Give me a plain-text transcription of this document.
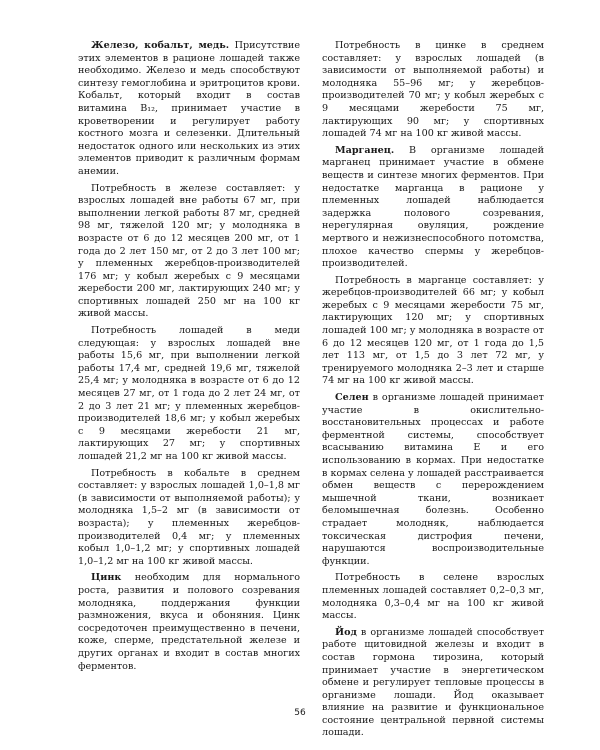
Железо, кобальт, медь. Присутствие этих элементов в рационе лошадей также необходимо. Железо и медь способствуют синтезу гемоглобина и эритроцитов крови. Кобальт, который входит в состав витамина B₁₂, принимает участие в кроветворении и регулирует работу костного мозга и селезенки. Длительный недостаток одного или нескольких из этих элементов приводит к различным формам анемии.

Потребность в железе составляет: у взрослых лошадей вне работы 67 мг, при выполнении легкой работы 87 мг, средней 98 мг, тяжелой 120 мг; у молодняка в возрасте от 6 до 12 месяцев 200 мг, от 1 года до 2 лет 150 мг, от 2 до 3 лет 100 мг; у племенных жеребцов-производителей 176 мг; у кобыл жеребых с 9 месяцами жеребости 200 мг, лактирующих 240 мг; у спортивных лошадей 250 мг на 100 кг живой массы.

Потребность лошадей в меди следующая: у взрослых лошадей вне работы 15,6 мг, при выполнении легкой работы 17,4 мг, средней 19,6 мг, тяжелой 25,4 мг; у молодняка в возрасте от 6 до 12 месяцев 27 мг, от 1 года до 2 лет 24 мг, от 2 до 3 лет 21 мг; у племенных жеребцов-производителей 18,6 мг; у кобыл жеребых с 9 месяцами жеребости 21 мг, лактирующих 27 мг; у спортивных лошадей 21,2 мг на 100 кг живой массы.

Потребность в кобальте в среднем составляет: у взрослых лошадей 1,0–1,8 мг (в зависимости от выполняемой работы); у молодняка 1,5–2 мг (в зависимости от возраста); у племенных жеребцов-производителей 0,4 мг; у племенных кобыл 1,0–1,2 мг; у спортивных лошадей 1,0–1,2 мг на 100 кг живой массы.

Цинк необходим для нормального роста, развития и полового созревания молодняка, поддержания функции размножения, вкуса и обоняния. Цинк сосредоточен преимущественно в печени, коже, сперме, предстательной железе и других органах и входит в состав многих ферментов.

Потребность в цинке в среднем составляет: у взрослых лошадей (в зависимости от выполняемой работы) и молодняка 55–96 мг; у жеребцов-производителей 70 мг; у кобыл жеребых с 9 месяцами жеребости 75 мг, лактирующих 90 мг; у спортивных лошадей 74 мг на 100 кг живой массы.

Марганец. В организме лошадей марганец принимает участие в обмене веществ и синтезе многих ферментов. При недостатке марганца в рационе у племенных лошадей наблюдается задержка полового созревания, нерегулярная овуляция, рождение мертвого и нежизнеспособного потомства, плохое качество спермы у жеребцов-производителей.

Потребность в марганце составляет: у жеребцов-производителей 66 мг; у кобыл жеребых с 9 месяцами жеребости 75 мг, лактирующих 120 мг; у спортивных лошадей 100 мг; у молодняка в возрасте от 6 до 12 месяцев 120 мг, от 1 года до 1,5 лет 113 мг, от 1,5 до 3 лет 72 мг, у тренируемого молодняка 2–3 лет и старше 74 мг на 100 кг живой массы.

Селен в организме лошадей принимает участие в окислительно-восстановительных процессах и работе ферментной системы, способствует всасыванию витамина Е и его использованию в кормах. При недостатке в кормах селена у лошадей расстраивается обмен веществ с перерождением мышечной ткани, возникает беломышечная болезнь. Особенно страдает молодняк, наблюдается токсическая дистрофия печени, нарушаются воспроизводительные функции.

Потребность в селене взрослых племенных лошадей составляет 0,2–0,3 мг, молодняка 0,3–0,4 мг на 100 кг живой массы.

Йод в организме лошадей способствует работе щитовидной железы и входит в состав гормона тирозина, который принимает участие в энергетическом обмене и регулирует тепловые процессы в организме лошади. Йод оказывает влияние на развитие и функциональное состояние центральной первной системы лошади.

56
